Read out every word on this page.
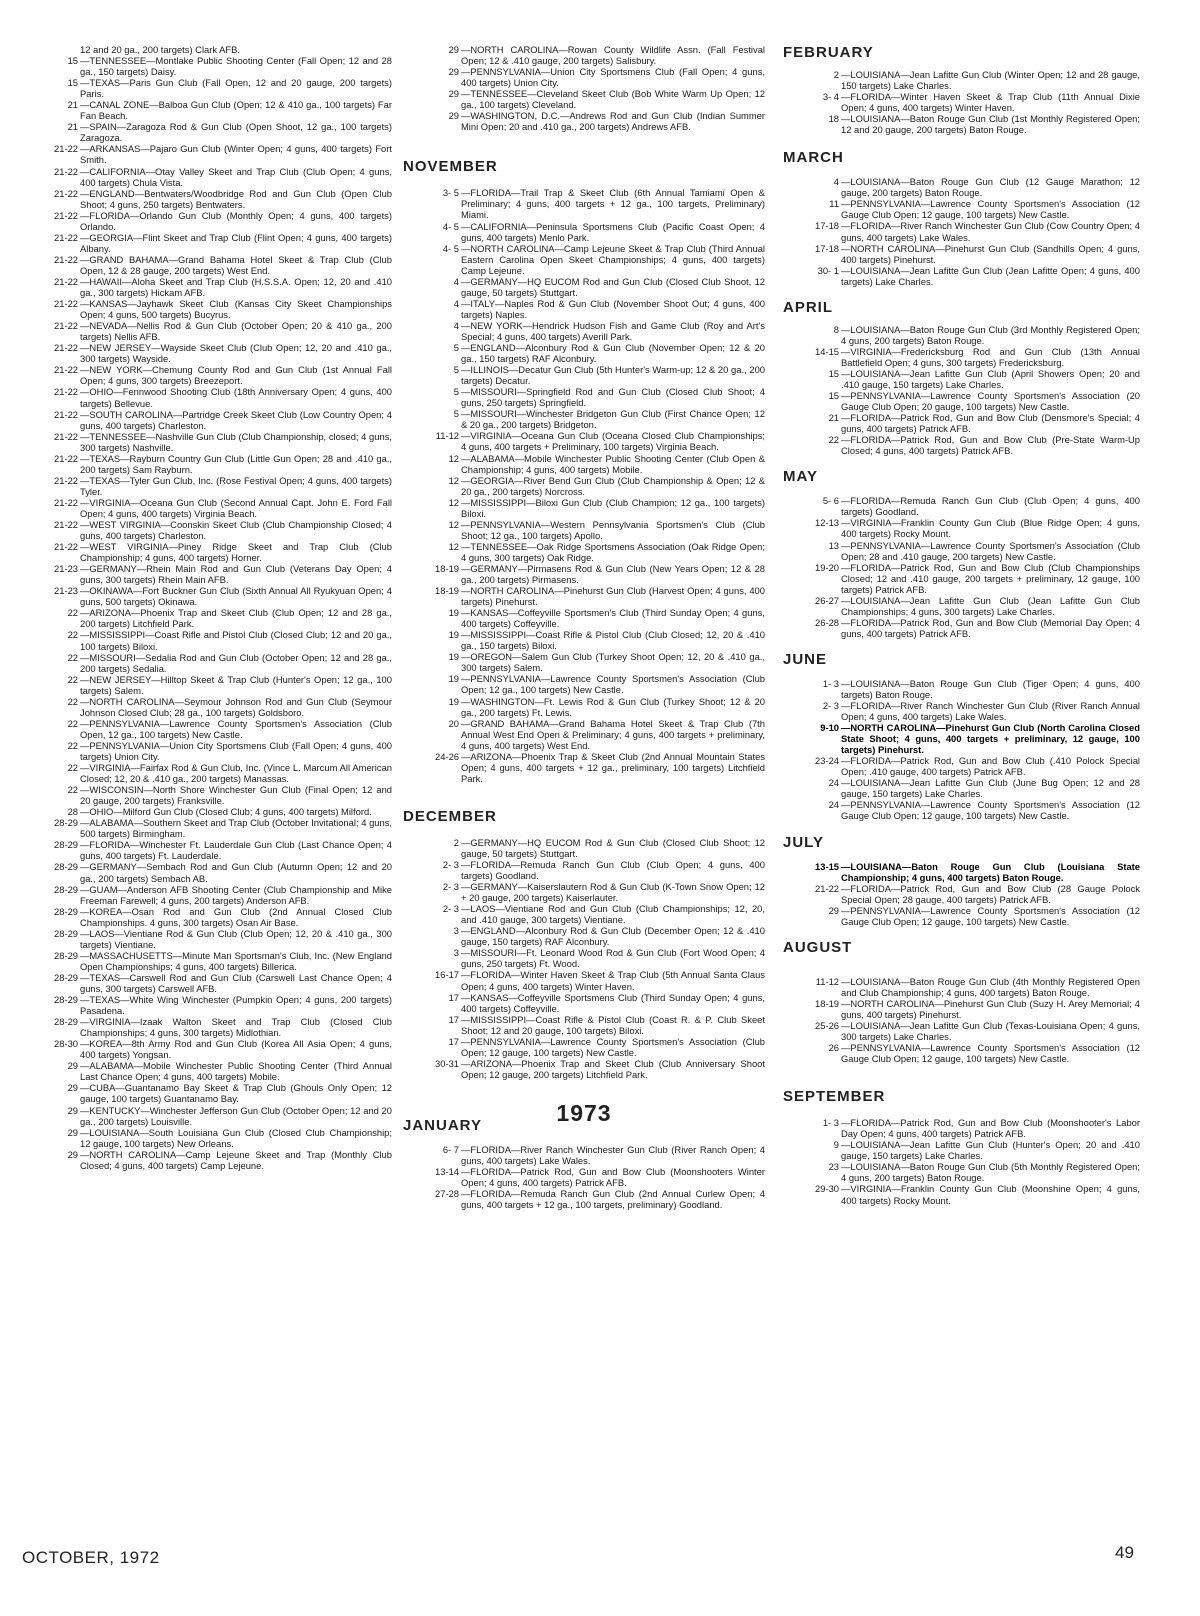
12 and 20 ga., 200 targets) Clark AFB.
15 —TENNESSEE—Montlake Public Shooting Center (Fall Open; 12 and 28 ga., 150 targets) Daisy.
15 —TEXAS—Paris Gun Club (Fall Open, 12 and 20 gauge, 200 targets) Paris.
21 —CANAL ZONE—Balboa Gun Club (Open; 12 & 410 ga., 100 targets) Far Fan Beach.
21 —SPAIN—Zaragoza Rod & Gun Club (Open Shoot, 12 ga., 100 targets) Zaragoza.
21-22 —ARKANSAS—Pajaro Gun Club (Winter Open; 4 guns, 400 targets) Fort Smith.
21-22 —CALIFORNIA—Otay Valley Skeet and Trap Club (Club Open; 4 guns, 400 targets) Chula Vista.
21-22 —ENGLAND—Bentwaters/Woodbridge Rod and Gun Club (Open Club Shoot; 4 guns, 250 targets) Bentwaters.
21-22 —FLORIDA—Orlando Gun Club (Monthly Open; 4 guns, 400 targets) Orlando.
21-22 —GEORGIA—Flint Skeet and Trap Club (Flint Open; 4 guns, 400 targets) Albany.
21-22 —GRAND BAHAMA—Grand Bahama Hotel Skeet & Trap Club (Club Open, 12 & 28 gauge, 200 targets) West End.
21-22 —HAWAII—Aloha Skeet and Trap Club (H.S.S.A. Open; 12, 20 and .410 ga., 300 targets) Hickam AFB.
21-22 —KANSAS—Jayhawk Skeet Club (Kansas City Skeet Championships Open; 4 guns, 500 targets) Bucyrus.
21-22 —NEVADA—Nellis Rod & Gun Club (October Open; 20 & 410 ga., 200 targets) Nellis AFB.
21-22 —NEW JERSEY—Wayside Skeet Club (Club Open; 12, 20 and .410 ga., 300 targets) Wayside.
21-22 —NEW YORK—Chemung County Rod and Gun Club (1st Annual Fall Open; 4 guns, 300 targets) Breezeport.
21-22 —OHIO—Fennwood Shooting Club (18th Anniversary Open; 4 guns, 400 targets) Bellevue.
21-22 —SOUTH CAROLINA—Partridge Creek Skeet Club (Low Country Open; 4 guns, 400 targets) Charleston.
21-22 —TENNESSEE—Nashville Gun Club (Club Championship, closed; 4 guns, 300 targets) Nashville.
21-22 —TEXAS—Rayburn Country Gun Club (Little Gun Open; 28 and .410 ga., 200 targets) Sam Rayburn.
21-22 —TEXAS—Tyler Gun Club, Inc. (Rose Festival Open; 4 guns, 400 targets) Tyler.
21-22 —VIRGINIA—Oceana Gun Club (Second Annual Capt. John E. Ford Fall Open; 4 guns, 400 targets) Virginia Beach.
21-22 —WEST VIRGINIA—Coonskin Skeet Club (Club Championship Closed; 4 guns, 400 targets) Charleston.
21-22 —WEST VIRGINIA—Piney Ridge Skeet and Trap Club (Club Championship; 4 guns, 400 targets) Horner.
21-23 —GERMANY—Rhein Main Rod and Gun Club (Veterans Day Open; 4 guns, 300 targets) Rhein Main AFB.
21-23 —OKINAWA—Fort Buckner Gun Club (Sixth Annual All Ryukyuan Open; 4 guns, 500 targets) Okinawa.
22 —ARIZONA—Phoenix Trap and Skeet Club (Club Open; 12 and 28 ga., 200 targets) Litchfield Park.
22 —MISSISSIPPI—Coast Rifle and Pistol Club (Closed Club; 12 and 20 ga., 100 targets) Biloxi.
22 —MISSOURI—Sedalia Rod and Gun Club (October Open; 12 and 28 ga., 200 targets) Sedalia.
22 —NEW JERSEY—Hilltop Skeet & Trap Club (Hunter's Open; 12 ga., 100 targets) Salem.
22 —NORTH CAROLINA—Seymour Johnson Rod and Gun Club (Seymour Johnson Closed Club; 28 ga., 100 targets) Goldsboro.
22 —PENNSYLVANIA—Lawrence County Sportsmen's Association (Club Open, 12 ga., 100 targets) New Castle.
22 —PENNSYLVANIA—Union City Sportsmens Club (Fall Open; 4 guns, 400 targets) Union City.
22 —VIRGINIA—Fairfax Rod & Gun Club, Inc. (Vince L. Marcum All American Closed; 12, 20 & .410 ga., 200 targets) Manassas.
22 —WISCONSIN—North Shore Winchester Gun Club (Final Open; 12 and 20 gauge, 200 targets) Franksville.
28 —OHIO—Milford Gun Club (Closed Club; 4 guns, 400 targets) Milford.
28-29 —ALABAMA—Southern Skeet and Trap Club (October Invitational; 4 guns, 500 targets) Birmingham.
28-29 —FLORIDA—Winchester Ft. Lauderdale Gun Club (Last Chance Open; 4 guns, 400 targets) Ft. Lauderdale.
28-29 —GERMANY—Sembach Rod and Gun Club (Autumn Open; 12 and 20 ga., 200 targets) Sembach AB.
28-29 —GUAM—Anderson AFB Shooting Center (Club Championship and Mike Freeman Farewell; 4 guns, 200 targets) Anderson AFB.
28-29 —KOREA—Osan Rod and Gun Club (2nd Annual Closed Club Championships. 4 guns, 300 targets) Osan Air Base.
28-29 —LAOS—Vientiane Rod & Gun Club (Club Open; 12, 20 & .410 ga., 300 targets) Vientiane.
28-29 —MASSACHUSETTS—Minute Man Sportsman's Club, Inc. (New England Open Championships; 4 guns, 400 targets) Billerica.
28-29 —TEXAS—Carswell Rod and Gun Club (Carswell Last Chance Open; 4 guns, 300 targets) Carswell AFB.
28-29 —TEXAS—White Wing Winchester (Pumpkin Open; 4 guns, 200 targets) Pasadena.
28-29 —VIRGINIA—Izaak Walton Skeet and Trap Club (Closed Club Championships; 4 guns, 300 targets) Midlothian.
28-30 —KOREA—8th Army Rod and Gun Club (Korea All Asia Open; 4 guns, 400 targets) Yongsan.
29 —ALABAMA—Mobile Winchester Public Shooting Center (Third Annual Last Chance Open; 4 guns, 400 targets) Mobile.
29 —CUBA—Guantanamo Bay Skeet & Trap Club (Ghouls Only Open; 12 gauge, 100 targets) Guantanamo Bay.
29 —KENTUCKY—Winchester Jefferson Gun Club (October Open; 12 and 20 ga., 200 targets) Louisville.
29 —LOUISIANA—South Louisiana Gun Club (Closed Club Championship; 12 gauge, 100 targets) New Orleans.
29 —NORTH CAROLINA—Camp Lejeune Skeet and Trap (Monthly Club Closed; 4 guns, 400 targets) Camp Lejeune.
29 —NORTH CAROLINA—Rowan County Wildlife Assn. (Fall Festival Open; 12 & .410 gauge, 200 targets) Salisbury.
29 —PENNSYLVANIA—Union City Sportsmens Club (Fall Open; 4 guns, 400 targets) Union City.
29 —TENNESSEE—Cleveland Skeet Club (Bob White Warm Up Open; 12 ga., 100 targets) Cleveland.
29 —WASHINGTON, D.C.—Andrews Rod and Gun Club (Indian Summer Mini Open; 20 and .410 ga., 200 targets) Andrews AFB.
NOVEMBER
3- 5 —FLORIDA—Trail Trap & Skeet Club (6th Annual Tamiami Open & Preliminary; 4 guns, 400 targets + 12 ga., 100 targets, Preliminary) Miami.
4- 5 —CALIFORNIA—Peninsula Sportsmens Club (Pacific Coast Open; 4 guns, 400 targets) Menlo Park.
4- 5 —NORTH CAROLINA—Camp Lejeune Skeet & Trap Club (Third Annual Eastern Carolina Open Skeet Championships; 4 guns, 400 targets) Camp Lejeune.
4 —GERMANY—HQ EUCOM Rod and Gun Club (Closed Club Shoot, 12 gauge, 50 targets) Stuttgart.
4 —ITALY—Naples Rod & Gun Club (November Shoot Out; 4 guns, 400 targets) Naples.
4 —NEW YORK—Hendrick Hudson Fish and Game Club (Roy and Art's Special; 4 guns, 400 targets) Averill Park.
5 —ENGLAND—Alconbury Rod & Gun Club (November Open; 12 & 20 ga., 150 targets) RAF Alconbury.
5 —ILLINOIS—Decatur Gun Club (5th Hunter's Warm-up; 12 & 20 ga., 200 targets) Decatur.
5 —MISSOURI—Springfield Rod and Gun Club (Closed Club Shoot; 4 guns, 250 targets) Springfield.
5 —MISSOURI—Winchester Bridgeton Gun Club (First Chance Open; 12 & 20 ga., 200 targets) Bridgeton.
11-12 —VIRGINIA—Oceana Gun Club (Oceana Closed Club Championships; 4 guns, 400 targets + Preliminary, 100 targets) Virginia Beach.
12 —ALABAMA—Mobile Winchester Public Shooting Center (Club Open & Championship; 4 guns, 400 targets) Mobile.
12 —GEORGIA—River Bend Gun Club (Club Championship & Open; 12 & 20 ga., 200 targets) Norcross.
12 —MISSISSIPPI—Biloxi Gun Club (Club Champion; 12 ga., 100 targets) Biloxi.
12 —PENNSYLVANIA—Western Pennsylvania Sportsmen's Club (Club Shoot; 12 ga., 100 targets) Apollo.
12 —TENNESSEE—Oak Ridge Sportsmens Association (Oak Ridge Open; 4 guns, 300 targets) Oak Ridge.
18-19 —GERMANY—Pirmasens Rod & Gun Club (New Years Open; 12 & 28 ga., 200 targets) Pirmasens.
18-19 —NORTH CAROLINA—Pinehurst Gun Club (Harvest Open; 4 guns, 400 targets) Pinehurst.
19 —KANSAS—Coffeyville Sportsmen's Club (Third Sunday Open; 4 guns, 400 targets) Coffeyville.
19 —MISSISSIPPI—Coast Rifle & Pistol Club (Club Closed; 12, 20 & .410 ga., 150 targets) Biloxi.
19 —OREGON—Salem Gun Club (Turkey Shoot Open; 12, 20 & .410 ga., 300 targets) Salem.
19 —PENNSYLVANIA—Lawrence County Sportsmen's Association (Club Open; 12 ga., 100 targets) New Castle.
19 —WASHINGTON—Ft. Lewis Rod & Gun Club (Turkey Shoot; 12 & 20 ga., 200 targets) Ft. Lewis.
20 —GRAND BAHAMA—Grand Bahama Hotel Skeet & Trap Club (7th Annual West End Open & Preliminary; 4 guns, 400 targets + preliminary, 4 guns, 400 targets) West End.
24-26 —ARIZONA—Phoenix Trap & Skeet Club (2nd Annual Mountain States Open; 4 guns, 400 targets + 12 ga., preliminary, 100 targets) Litchfield Park.
DECEMBER
2 —GERMANY—HQ EUCOM Rod & Gun Club (Closed Club Shoot; 12 gauge, 50 targets) Stuttgart.
2- 3 —FLORIDA—Remuda Ranch Gun Club (Club Open; 4 guns, 400 targets) Goodland.
2- 3 —GERMANY—Kaiserslautern Rod & Gun Club (K-Town Snow Open; 12 + 20 gauge, 200 targets) Kaiserlauter.
2- 3 —LAOS—Vientiane Rod and Gun Club (Club Championships; 12, 20, and .410 gauge, 300 targets) Vientiane.
3 —ENGLAND—Alconbury Rod & Gun Club (December Open; 12 & .410 gauge, 150 targets) RAF Alconbury.
3 —MISSOURI—Ft. Leonard Wood Rod & Gun Club (Fort Wood Open; 4 guns, 250 targets) Ft. Wood.
16-17 —FLORIDA—Winter Haven Skeet & Trap Club (5th Annual Santa Claus Open; 4 guns, 400 targets) Winter Haven.
17 —KANSAS—Coffeyville Sportsmens Club (Third Sunday Open; 4 guns, 400 targets) Coffeyville.
17 —MISSISSIPPI—Coast Rifle & Pistol Club (Coast R. & P. Club Skeet Shoot; 12 and 20 gauge, 100 targets) Biloxi.
17 —PENNSYLVANIA—Lawrence County Sportsmen's Association (Club Open; 12 gauge, 100 targets) New Castle.
30-31 —ARIZONA—Phoenix Trap and Skeet Club (Club Anniversary Shoot Open; 12 gauge, 200 targets) Litchfield Park.
1973
JANUARY
6- 7 —FLORIDA—River Ranch Winchester Gun Club (River Ranch Open; 4 guns, 400 targets) Lake Wales.
13-14 —FLORIDA—Patrick Rod, Gun and Bow Club (Moonshooters Winter Open; 4 guns, 400 targets) Patrick AFB.
27-28 —FLORIDA—Remuda Ranch Gun Club (2nd Annual Curlew Open; 4 guns, 400 targets + 12 ga., 100 targets, preliminary) Goodland.
FEBRUARY
2 —LOUISIANA—Jean Lafitte Gun Club (Winter Open; 12 and 28 gauge, 150 targets) Lake Charles.
3- 4 —FLORIDA—Winter Haven Skeet & Trap Club (11th Annual Dixie Open; 4 guns, 400 targets) Winter Haven.
18 —LOUISIANA—Baton Rouge Gun Club (1st Monthly Registered Open; 12 and 20 gauge, 200 targets) Baton Rouge.
MARCH
4 —LOUISIANA—Baton Rouge Gun Club (12 Gauge Marathon; 12 gauge, 200 targets) Baton Rouge.
11 —PENNSYLVANIA—Lawrence County Sportsmen's Association (12 Gauge Club Open; 12 gauge, 100 targets) New Castle.
17-18 —FLORIDA—River Ranch Winchester Gun Club (Cow Country Open; 4 guns, 400 targets) Lake Wales.
17-18 —NORTH CAROLINA—Pinehurst Gun Club (Sandhills Open; 4 guns, 400 targets) Pinehurst.
30- 1 —LOUISIANA—Jean Lafitte Gun Club (Jean Lafitte Open; 4 guns, 400 targets) Lake Charles.
APRIL
8 —LOUISIANA—Baton Rouge Gun Club (3rd Monthly Registered Open; 4 guns, 200 targets) Baton Rouge.
14-15 —VIRGINIA—Fredericksburg Rod and Gun Club (13th Annual Battlefield Open; 4 guns, 300 targets) Fredericksburg.
15 —LOUISIANA—Jean Lafitte Gun Club (April Showers Open; 20 and .410 gauge, 150 targets) Lake Charles.
15 —PENNSYLVANIA—Lawrence County Sportsmen's Association (20 Gauge Club Open; 20 gauge, 100 targets) New Castle.
21 —FLORIDA—Patrick Rod, Gun and Bow Club (Densmore's Special; 4 guns, 400 targets) Patrick AFB.
22 —FLORIDA—Patrick Rod, Gun and Bow Club (Pre-State Warm-Up Closed; 4 guns, 400 targets) Patrick AFB.
MAY
5- 6 —FLORIDA—Remuda Ranch Gun Club (Club Open; 4 guns, 400 targets) Goodland.
12-13 —VIRGINIA—Franklin County Gun Club (Blue Ridge Open; 4 guns, 400 targets) Rocky Mount.
13 —PENNSYLVANIA—Lawrence County Sportsmen's Association (Club Open; 28 and .410 gauge, 200 targets) New Castle.
19-20 —FLORIDA—Patrick Rod, Gun and Bow Club (Club Championships Closed; 12 and .410 gauge, 200 targets + preliminary, 12 gauge, 100 targets) Patrick AFB.
26-27 —LOUISIANA—Jean Lafitte Gun Club (Jean Lafitte Gun Club Championships; 4 guns, 300 targets) Lake Charles.
26-28 —FLORIDA—Patrick Rod, Gun and Bow Club (Memorial Day Open; 4 guns, 400 targets) Patrick AFB.
JUNE
1- 3 —LOUISIANA—Baton Rouge Gun Club (Tiger Open; 4 guns, 400 targets) Baton Rouge.
2- 3 —FLORIDA—River Ranch Winchester Gun Club (River Ranch Annual Open; 4 guns, 400 targets) Lake Wales.
9-10 —NORTH CAROLINA—Pinehurst Gun Club (North Carolina Closed State Shoot; 4 guns, 400 targets + preliminary, 12 gauge, 100 targets) Pinehurst.
23-24 —FLORIDA—Patrick Rod, Gun and Bow Club (.410 Polock Special Open; .410 gauge, 400 targets) Patrick AFB.
24 —LOUISIANA—Jean Lafitte Gun Club (June Bug Open; 12 and 28 gauge, 150 targets) Lake Charles.
24 —PENNSYLVANIA—Lawrence County Sportsmen's Association (12 Gauge Club Open; 12 gauge, 100 targets) New Castle.
JULY
13-15 —LOUISIANA—Baton Rouge Gun Club (Louisiana State Championship; 4 guns, 400 targets) Baton Rouge.
21-22 —FLORIDA—Patrick Rod, Gun and Bow Club (28 Gauge Polock Special Open; 28 gauge, 400 targets) Patrick AFB.
29 —PENNSYLVANIA—Lawrence County Sportsmen's Association (12 Gauge Club Open; 12 gauge, 100 targets) New Castle.
AUGUST
11-12 —LOUISIANA—Baton Rouge Gun Club (4th Monthly Registered Open and Club Championship; 4 guns, 400 targets) Baton Rouge.
18-19 —NORTH CAROLINA—Pinehurst Gun Club (Suzy H. Arey Memorial; 4 guns, 400 targets) Pinehurst.
25-26 —LOUISIANA—Jean Lafitte Gun Club (Texas-Louisiana Open; 4 guns, 300 targets) Lake Charles.
26 —PENNSYLVANIA—Lawrence County Sportsmen's Association (12 Gauge Club Open; 12 gauge, 100 targets) New Castle.
SEPTEMBER
1- 3 —FLORIDA—Patrick Rod, Gun and Bow Club (Moonshooter's Labor Day Open; 4 guns, 400 targets) Patrick AFB.
9 —LOUISIANA—Jean Lafitte Gun Club (Hunter's Open; 20 and .410 gauge, 150 targets) Lake Charles.
23 —LOUISIANA—Baton Rouge Gun Club (5th Monthly Registered Open; 4 guns, 200 targets) Baton Rouge.
29-30 —VIRGINIA—Franklin County Gun Club (Moonshine Open; 4 guns, 400 targets) Rocky Mount.
OCTOBER, 1972	49
